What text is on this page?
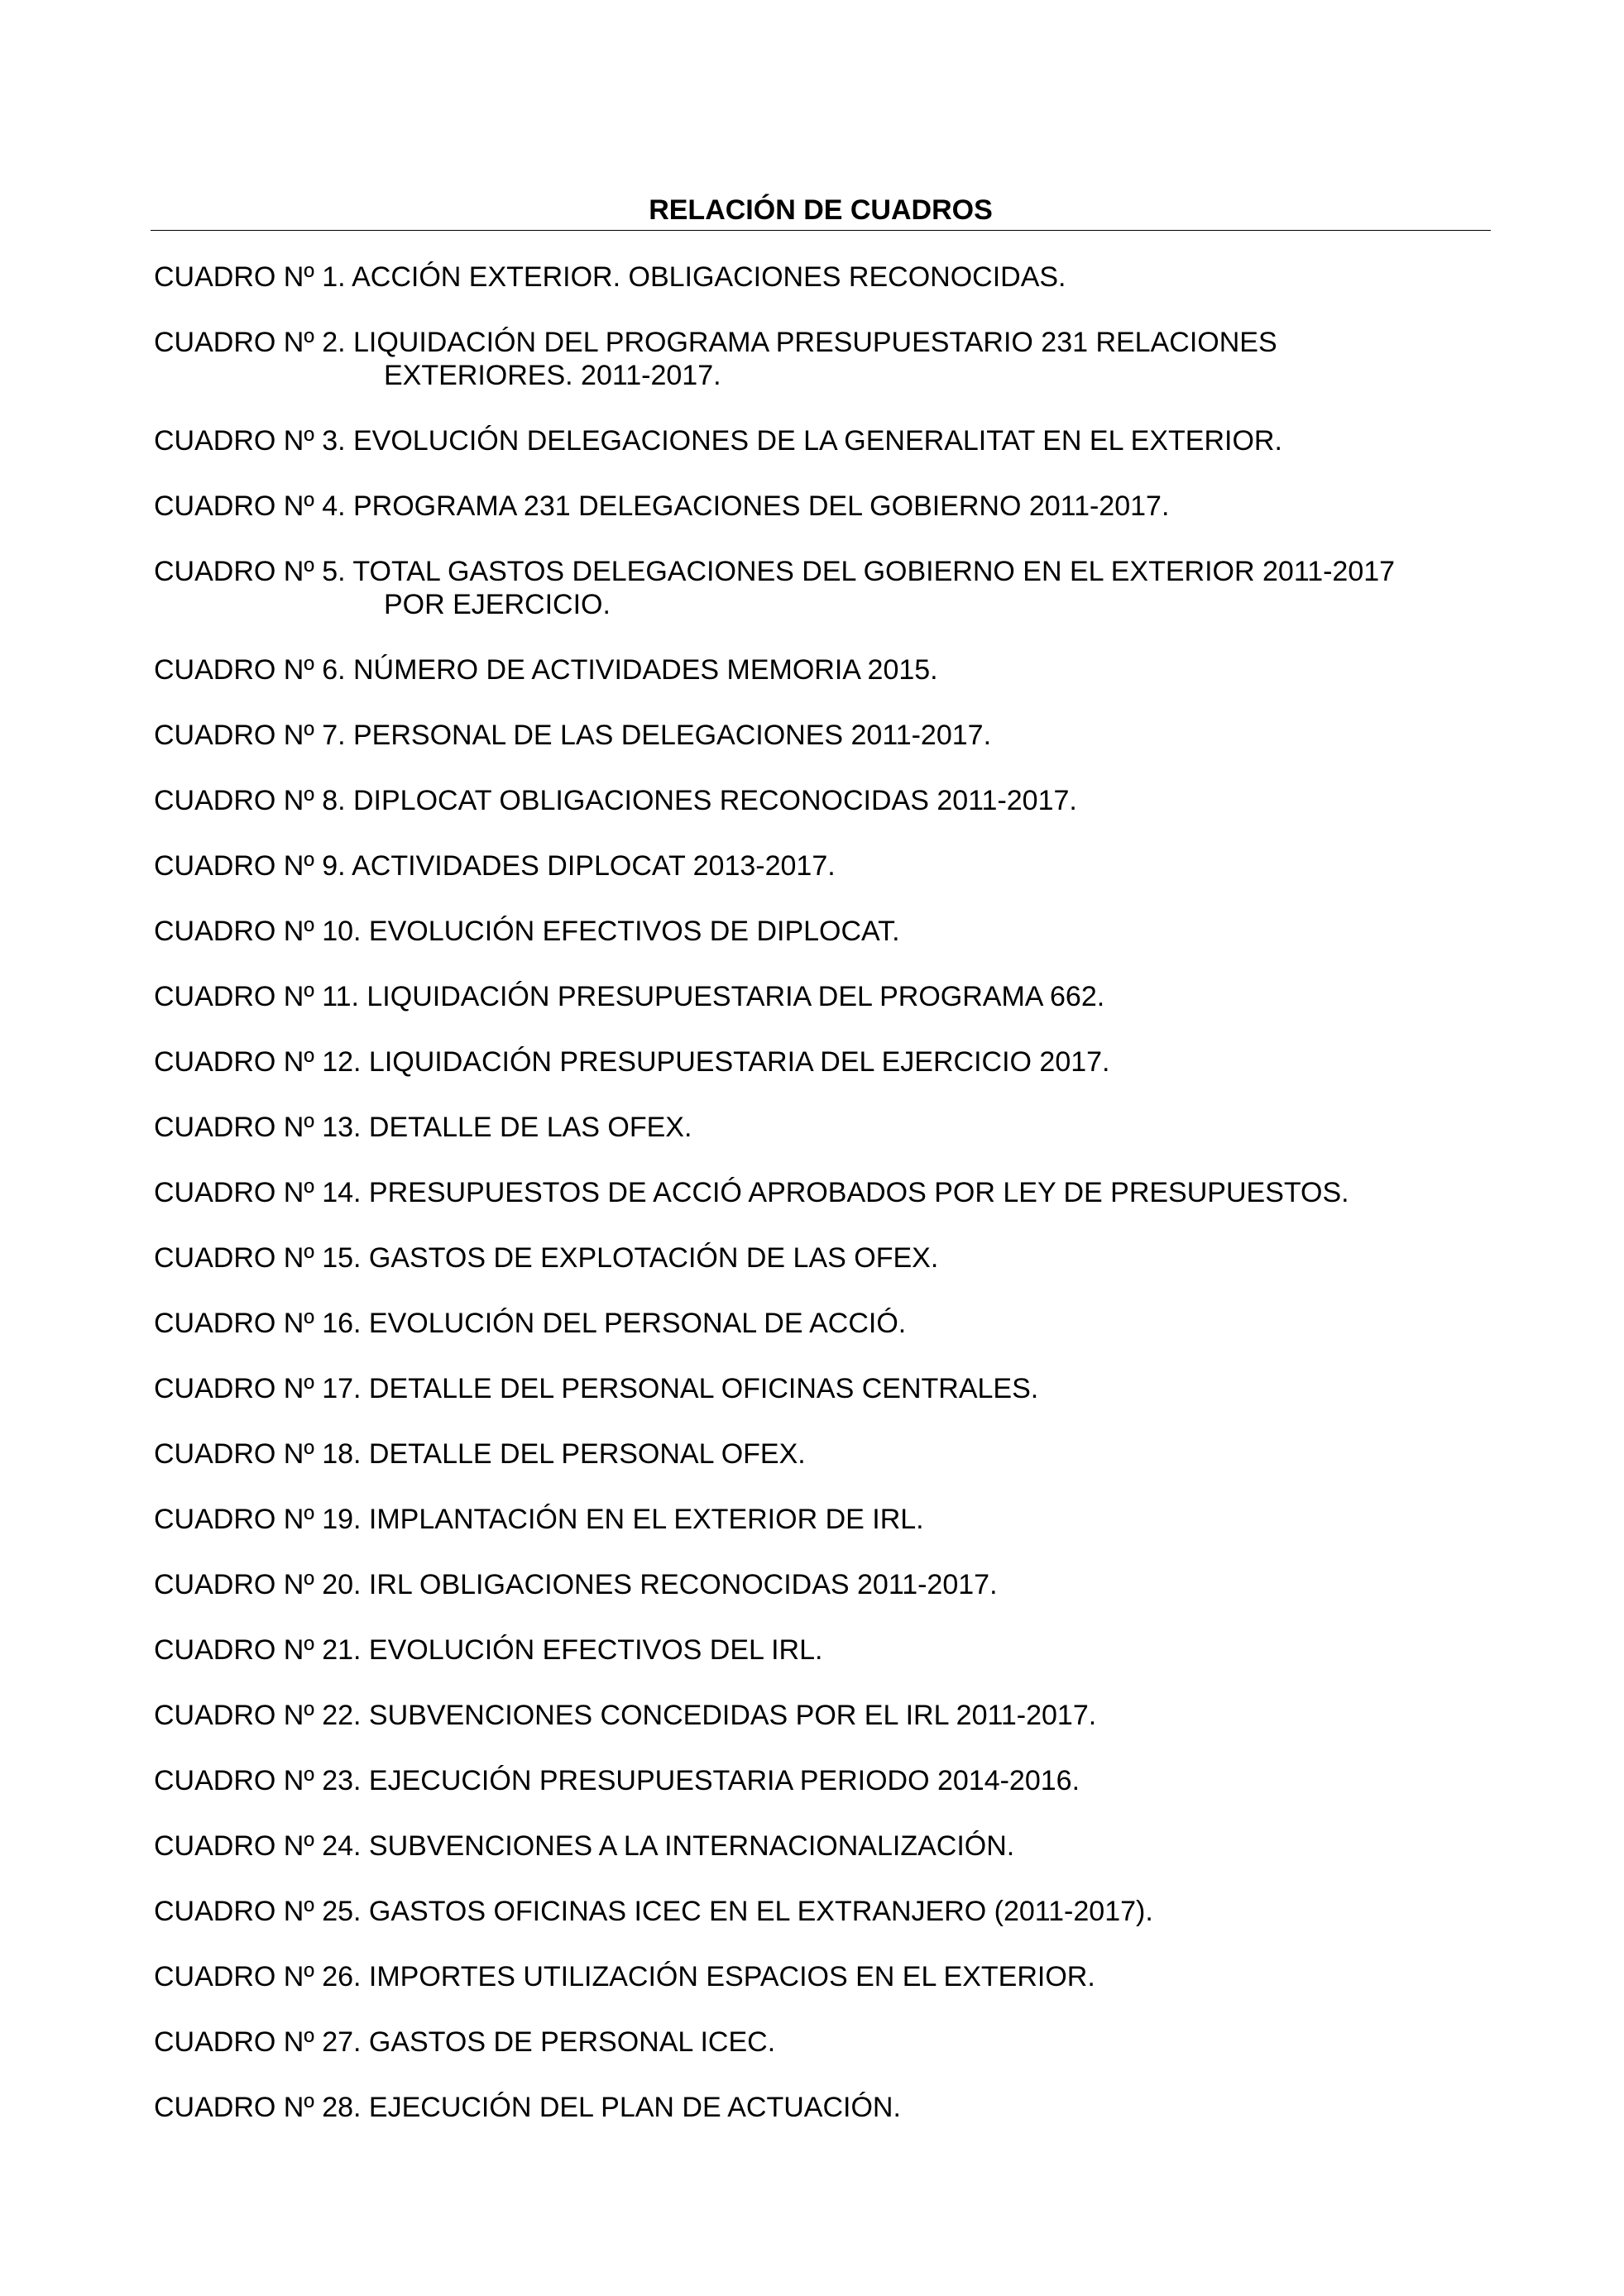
RELACIÓN DE CUADROS
CUADRO Nº 1. ACCIÓN EXTERIOR. OBLIGACIONES RECONOCIDAS.
CUADRO Nº 2. LIQUIDACIÓN DEL PROGRAMA PRESUPUESTARIO 231 RELACIONES
EXTERIORES. 2011-2017.
CUADRO Nº 3. EVOLUCIÓN DELEGACIONES DE LA GENERALITAT EN EL EXTERIOR.
CUADRO Nº 4. PROGRAMA 231 DELEGACIONES DEL GOBIERNO 2011-2017.
CUADRO Nº 5. TOTAL GASTOS DELEGACIONES DEL GOBIERNO EN EL EXTERIOR 2011-2017
POR EJERCICIO.
CUADRO Nº 6. NÚMERO DE ACTIVIDADES MEMORIA 2015.
CUADRO Nº 7. PERSONAL DE LAS DELEGACIONES 2011-2017.
CUADRO Nº 8. DIPLOCAT OBLIGACIONES RECONOCIDAS 2011-2017.
CUADRO Nº 9. ACTIVIDADES DIPLOCAT 2013-2017.
CUADRO Nº 10. EVOLUCIÓN EFECTIVOS DE DIPLOCAT.
CUADRO Nº 11. LIQUIDACIÓN PRESUPUESTARIA DEL PROGRAMA 662.
CUADRO Nº 12. LIQUIDACIÓN PRESUPUESTARIA DEL EJERCICIO 2017.
CUADRO Nº 13. DETALLE DE LAS OFEX.
CUADRO Nº 14. PRESUPUESTOS DE ACCIÓ APROBADOS POR LEY DE PRESUPUESTOS.
CUADRO Nº 15. GASTOS DE EXPLOTACIÓN DE LAS OFEX.
CUADRO Nº 16. EVOLUCIÓN DEL PERSONAL DE ACCIÓ.
CUADRO Nº 17. DETALLE DEL PERSONAL OFICINAS CENTRALES.
CUADRO Nº 18. DETALLE DEL PERSONAL OFEX.
CUADRO Nº 19. IMPLANTACIÓN EN EL EXTERIOR DE IRL.
CUADRO Nº 20. IRL OBLIGACIONES RECONOCIDAS 2011-2017.
CUADRO Nº 21. EVOLUCIÓN EFECTIVOS DEL IRL.
CUADRO Nº 22. SUBVENCIONES CONCEDIDAS POR EL IRL 2011-2017.
CUADRO Nº 23. EJECUCIÓN PRESUPUESTARIA PERIODO 2014-2016.
CUADRO Nº 24. SUBVENCIONES A LA INTERNACIONALIZACIÓN.
CUADRO Nº 25. GASTOS OFICINAS ICEC EN EL EXTRANJERO (2011-2017).
CUADRO Nº 26. IMPORTES UTILIZACIÓN ESPACIOS EN EL EXTERIOR.
CUADRO Nº 27. GASTOS DE PERSONAL ICEC.
CUADRO Nº 28. EJECUCIÓN DEL PLAN DE ACTUACIÓN.
